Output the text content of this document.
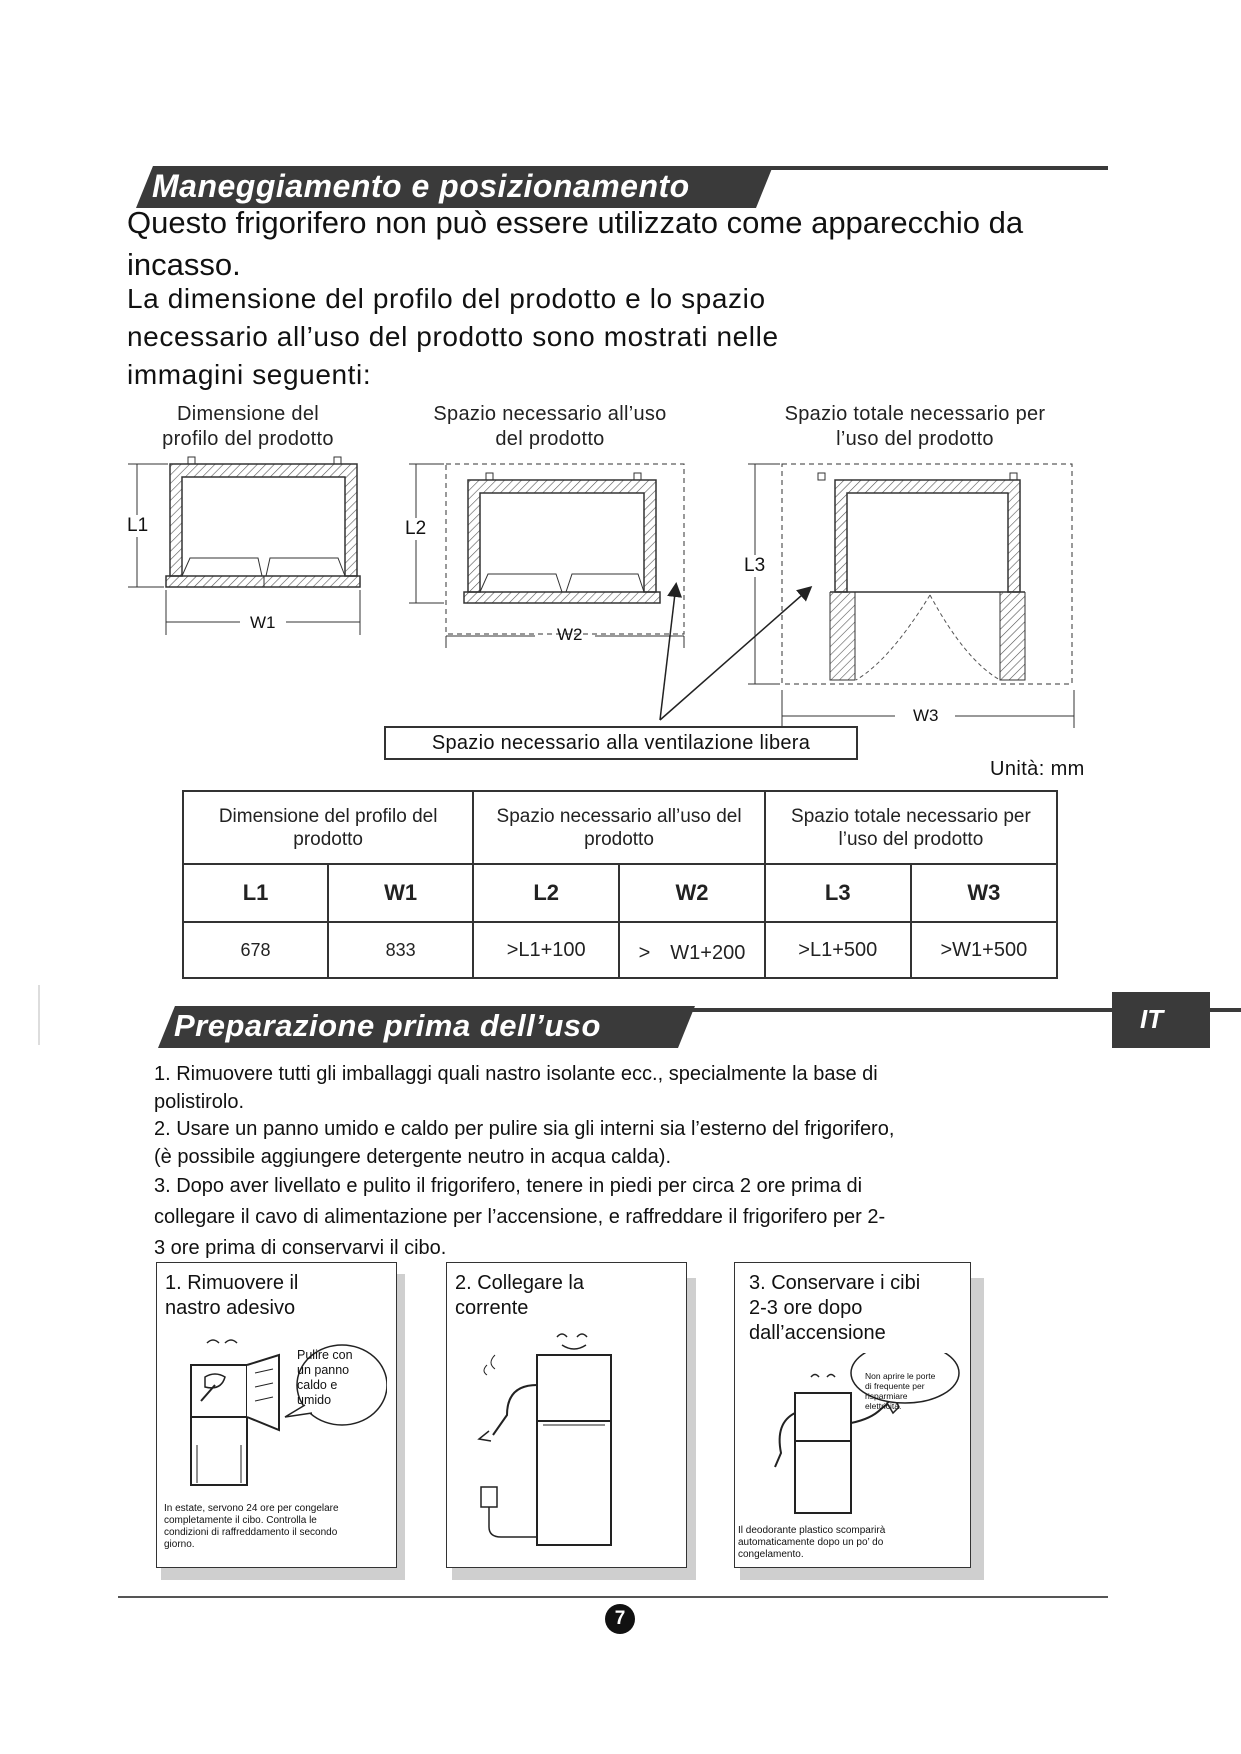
Maneggiamento e posizionamento
Questo frigorifero non può essere utilizzato come apparecchio da
incasso.
La dimensione del profilo del prodotto e lo spazio
necessario all’uso del prodotto sono mostrati nelle
immagini seguenti:
Dimensione del
profilo del prodotto
Spazio necessario all’uso
del prodotto
Spazio totale necessario per
l’uso del prodotto
L1
W1
L2
W2
L3
W3
Spazio necessario alla ventilazione libera
Unità: mm
Dimensione del profilo del prodotto		Spazio necessario all’uso del prodotto		Spazio totale necessario per l’uso del prodotto	
L1	W1	L2	W2	L3	W3
678	833	>L1+100	>　W1+200	>L1+500	>W1+500
Preparazione prima dell’uso	IT
1. Rimuovere tutti gli imballaggi quali nastro isolante ecc., specialmente la base di
polistirolo.
2. Usare un panno umido e caldo per pulire sia gli interni sia l’esterno del frigorifero,
(è possibile aggiungere detergente neutro in acqua calda).
3. Dopo aver livellato e pulito il frigorifero, tenere in piedi per circa 2 ore prima di
collegare il cavo di alimentazione per l’accensione, e raffreddare il frigorifero per 2-
3 ore prima di conservarvi il cibo.
1. Rimuovere il
nastro adesivo
Pulire con
un panno
caldo e
umido
In estate, servono 24 ore per congelare
completamente il cibo. Controlla le
condizioni di raffreddamento il secondo
giorno.
2. Collegare la
corrente
3. Conservare i cibi
2-3 ore dopo
dall’accensione
Non aprire le porte
di frequente per
risparmiare
elettricità.
Il deodorante plastico scomparirà
automaticamente dopo un po’ do
congelamento.
7
